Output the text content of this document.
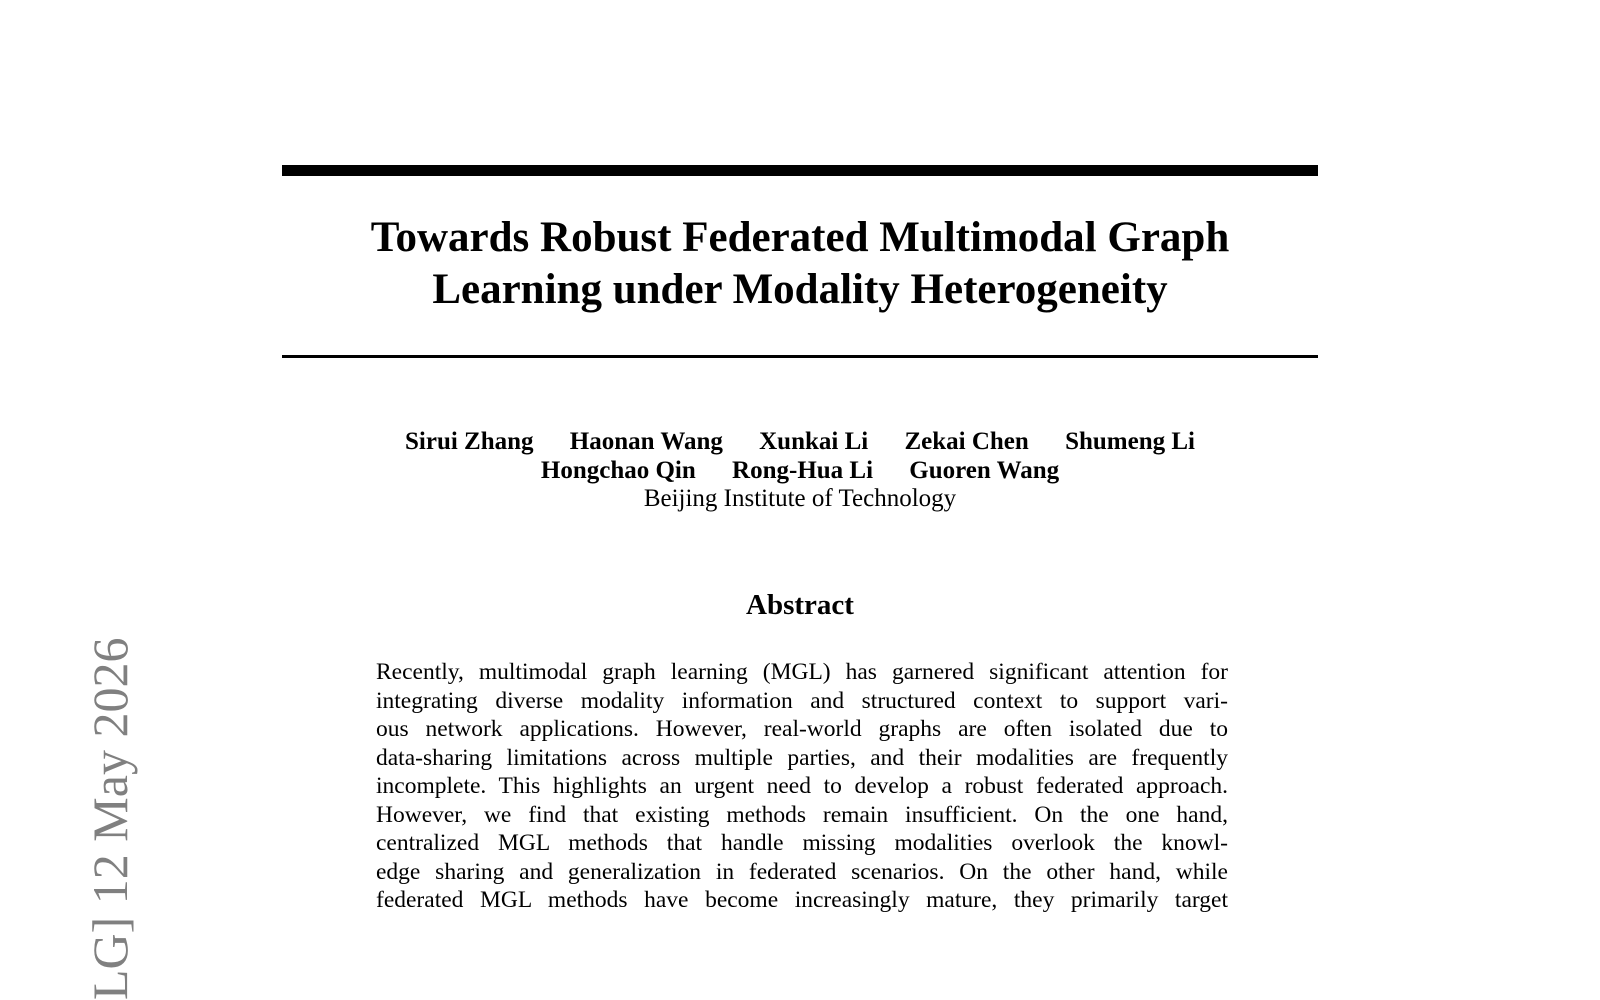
LG] 12 May 2026
Towards Robust Federated Multimodal Graph
Learning under Modality Heterogeneity
Sirui Zhang Haonan Wang Xunkai Li Zekai Chen Shumeng Li
Hongchao Qin Rong-Hua Li Guoren Wang
Beijing Institute of Technology
Abstract
Recently, multimodal graph learning (MGL) has garnered significant attention for
integrating diverse modality information and structured context to support vari-
ous network applications. However, real-world graphs are often isolated due to
data-sharing limitations across multiple parties, and their modalities are frequently
incomplete. This highlights an urgent need to develop a robust federated approach.
However, we find that existing methods remain insufficient. On the one hand,
centralized MGL methods that handle missing modalities overlook the knowl-
edge sharing and generalization in federated scenarios. On the other hand, while
federated MGL methods have become increasingly mature, they primarily target
